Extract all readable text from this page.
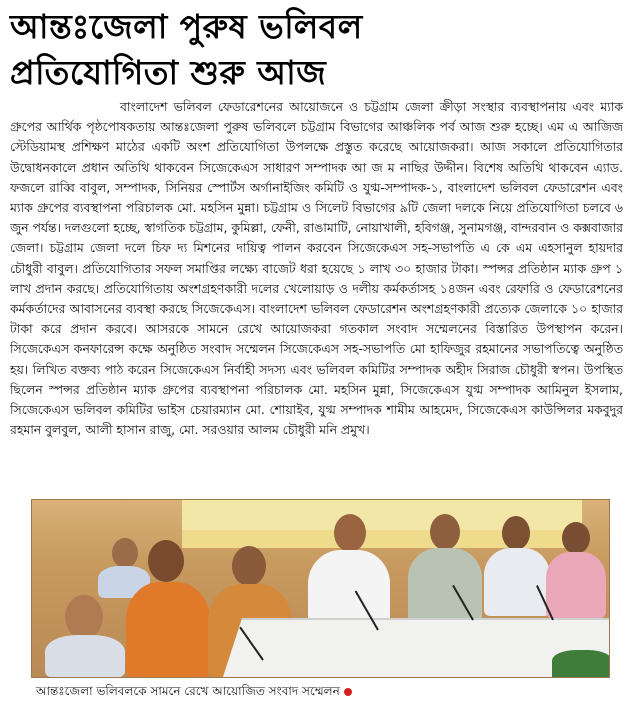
আন্তঃজেলা পুরুষ ভলিবল
প্রতিযোগিতা শুরু আজ
বাংলাদেশ ভলিবল ফেডারেশনের আয়োজনে ও চট্টগ্রাম জেলা ক্রীড়া সংস্থার ব্যবস্থাপনায় এবং ম্যাক গ্রুপের আর্থিক পৃষ্ঠপোষকতায় আন্তঃজেলা পুরুষ ভলিবলে চট্টগ্রাম বিভাগের আঞ্চলিক পর্ব আজ শুরু হচ্ছে। এম এ আজিজ স্টেডিয়ামস্থ প্রশিক্ষণ মাঠের একটি অংশ প্রতিযোগিতা উপলক্ষে প্রস্তুত করেছে আয়োজকরা। আজ সকালে প্রতিযোগিতার উদ্বোধনকালে প্রধান অতিথি থাকবেন সিজেকেএস সাধারণ সম্পাদক আ জ ম নাছির উদ্দীন। বিশেষ অতিথি থাকবেন এ্যাড. ফজলে রাব্বি বাবুল, সম্পাদক, সিনিয়র স্পোর্টস অর্গানাইজিং কমিটি ও যুগ্ম-সম্পাদক-১, বাংলাদেশ ভলিবল ফেডারেশন এবং ম্যাক গ্রুপের ব্যবস্থাপনা পরিচালক মো. মহসিন মুন্না। চট্টগ্রাম ও সিলেট বিভাগের ৯টি জেলা দলকে নিয়ে প্রতিযোগিতা চলবে ৬ জুন পর্যন্ত। দলগুলো হচ্ছে, স্বাগতিক চট্টগ্রাম, কুমিল্লা, ফেনী, রাঙামাটি, নোয়াখালী, হবিগঞ্জ, সুনামগঞ্জ, বান্দরবান ও কক্সবাজার জেলা। চট্টগ্রাম জেলা দলে চিফ দ্য মিশনের দায়িত্ব পালন করবেন সিজেকেএস সহ-সভাপতি এ কে এম এহসানুল হায়দার চৌধুরী বাবুল। প্রতিযোগিতার সফল সমাপ্তির লক্ষ্যে বাজেট ধরা হয়েছে ১ লাখ ৩০ হাজার টাকা। স্পন্সর প্রতিষ্ঠান ম্যাক গ্রুপ ১ লাখ প্রদান করছে। প্রতিযোগিতায় অংশগ্রহণকারী দলের খেলোয়াড় ও দলীয় কর্মকর্তাসহ ১৪জন এবং রেফারি ও ফেডারেশনের কর্মকর্তাদের আবাসনের ব্যবস্থা করছে সিজেকেএস। বাংলাদেশ ভলিবল ফেডারেশন অংশগ্রহণকারী প্রত্যেক জেলাকে ১০ হাজার টাকা করে প্রদান করবে। আসরকে সামনে রেখে আয়োজকরা গতকাল সংবাদ সম্মেলনের বিস্তারিত উপস্থাপন করেন। সিজেকেএস কনফারেন্স কক্ষে অনুষ্ঠিত সংবাদ সম্মেলন সিজেকেএস সহ-সভাপতি মো হাফিজুর রহমানের সভাপতিত্বে অনুষ্ঠিত হয়। লিখিত বক্তব্য পাঠ করেন সিজেকেএস নির্বাহী সদস্য এবং ভলিবল কমিটির সম্পাদক অহীদ সিরাজ চৌধুরী স্বপন। উপস্থিত ছিলেন স্পন্সর প্রতিষ্ঠান ম্যাক গ্রুপের ব্যবস্থাপনা পরিচালক মো. মহসিন মুন্না, সিজেকেএস যুগ্ম সম্পাদক আমিনুল ইসলাম, সিজেকেএস ভলিবল কমিটির ভাইস চেয়ারম্যান মো. শোয়াইব, যুগ্ম সম্পাদক শামীম আহমেদ, সিজেকেএস কাউন্সিলর মকবুদুর রহমান বুলবুল, আলী হাসান রাজু, মো. সরওয়ার আলম চৌধুরী মনি প্রমুখ।
আন্তঃজেলা ভলিবলকে সামনে রেখে আয়োজিত সংবাদ সম্মেলন
